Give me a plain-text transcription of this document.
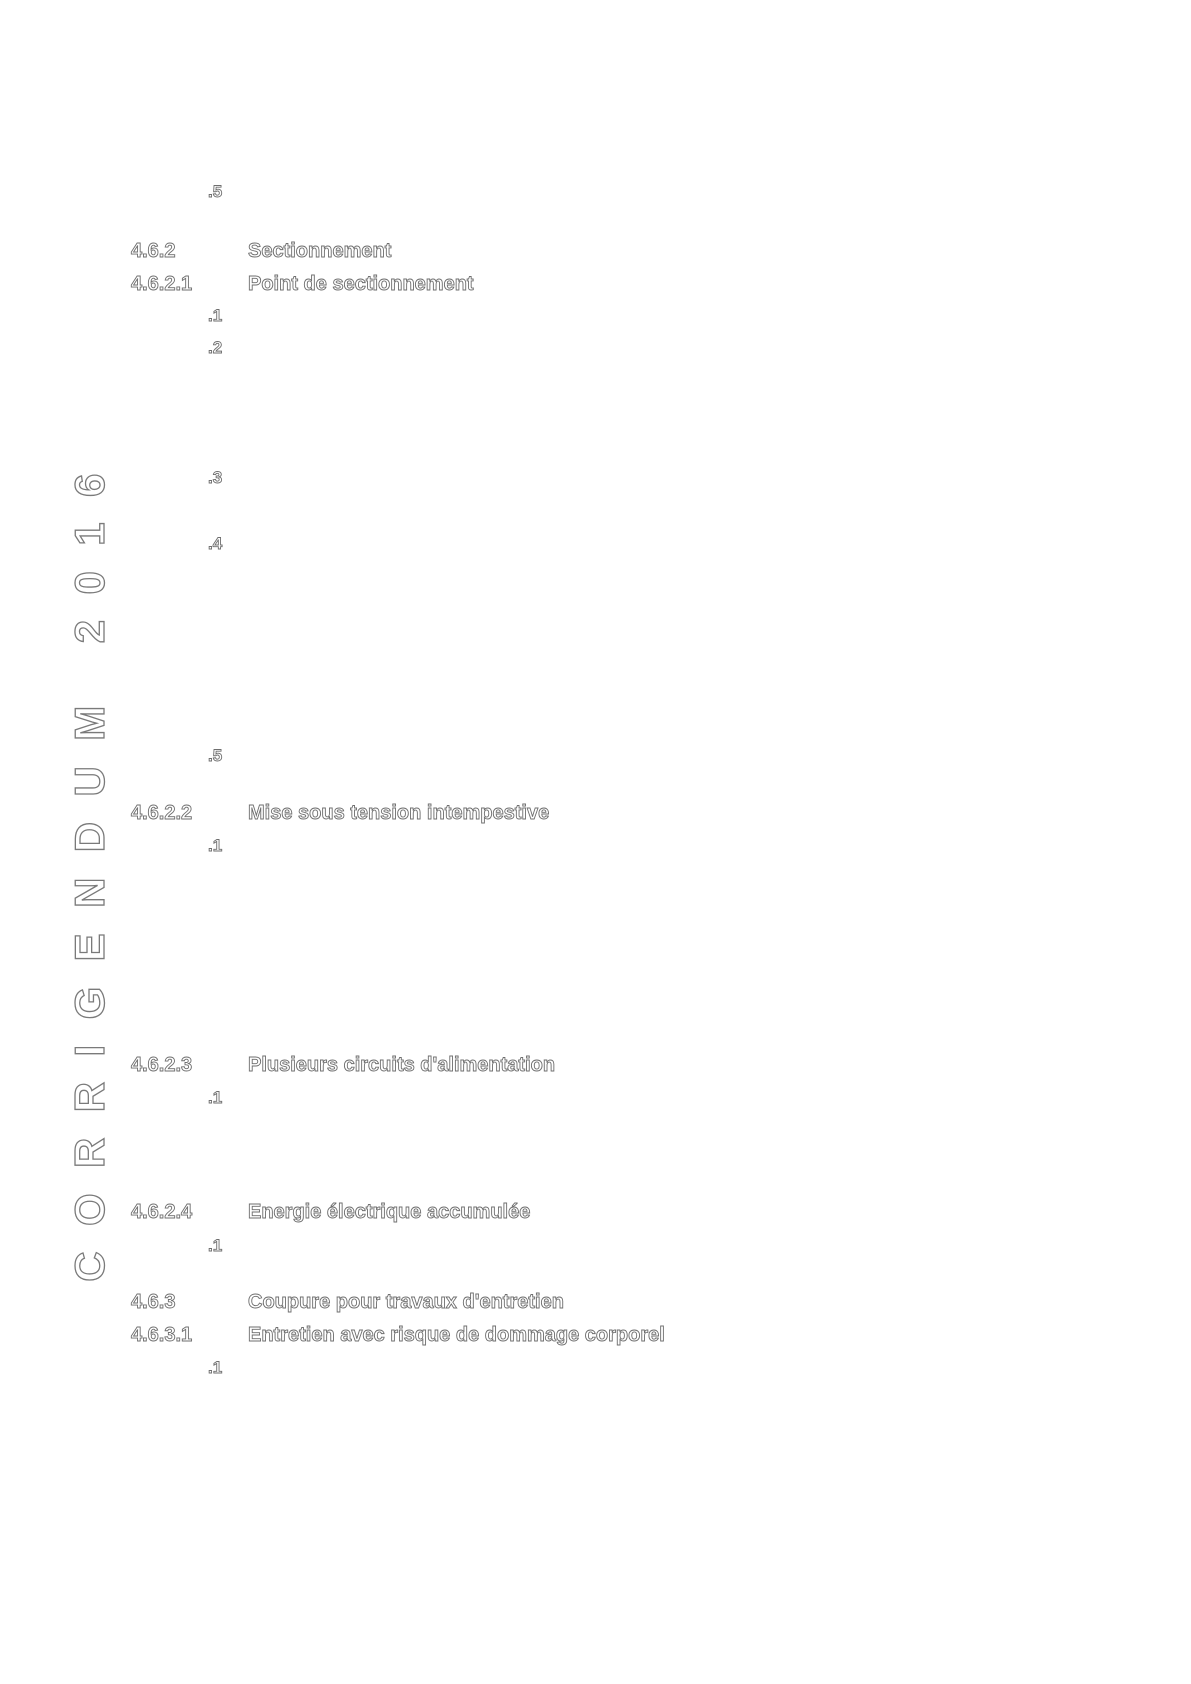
CORRIGENDUM 2016
.5
4.6.2	Sectionnement
4.6.2.1	Point de sectionnement
.1
.2
.3
.4
.5
4.6.2.2	Mise sous tension intempestive
.1
4.6.2.3	Plusieurs circuits d'alimentation
.1
4.6.2.4	Energie électrique accumulée
.1
4.6.3	Coupure pour travaux d'entretien
4.6.3.1	Entretien avec risque de dommage corporel
.1
